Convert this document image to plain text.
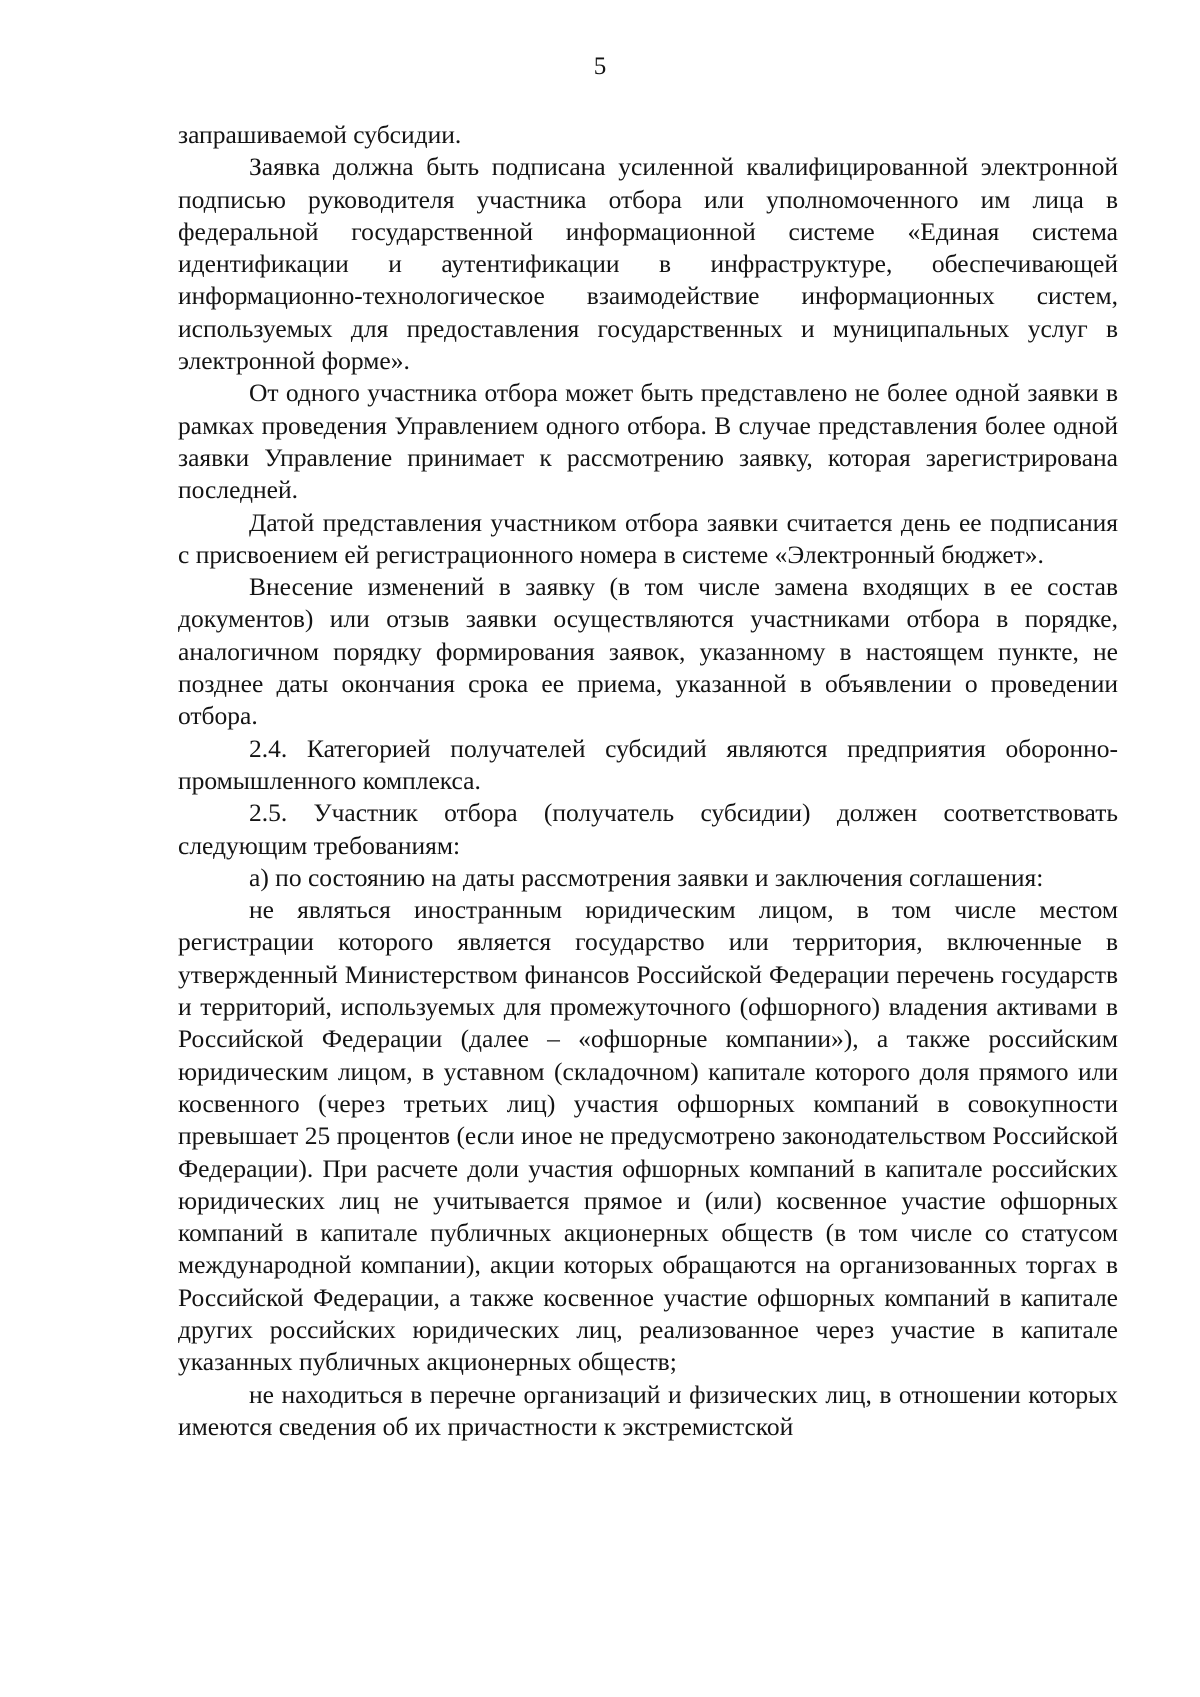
5

запрашиваемой субсидии.

Заявка должна быть подписана усиленной квалифицированной электронной подписью руководителя участника отбора или уполномоченного им лица в федеральной государственной информационной системе «Единая система идентификации и аутентификации в инфраструктуре, обеспечивающей информационно-технологическое взаимодействие информационных систем, используемых для предоставления государственных и муниципальных услуг в электронной форме».

От одного участника отбора может быть представлено не более одной заявки в рамках проведения Управлением одного отбора. В случае представления более одной заявки Управление принимает к рассмотрению заявку, которая зарегистрирована последней.

Датой представления участником отбора заявки считается день ее подписания с присвоением ей регистрационного номера в системе «Электронный бюджет».

Внесение изменений в заявку (в том числе замена входящих в ее состав документов) или отзыв заявки осуществляются участниками отбора в порядке, аналогичном порядку формирования заявок, указанному в настоящем пункте, не позднее даты окончания срока ее приема, указанной в объявлении о проведении отбора.

2.4. Категорией получателей субсидий являются предприятия оборонно-промышленного комплекса.

2.5. Участник отбора (получатель субсидии) должен соответствовать следующим требованиям:

а) по состоянию на даты рассмотрения заявки и заключения соглашения:

не являться иностранным юридическим лицом, в том числе местом регистрации которого является государство или территория, включенные в утвержденный Министерством финансов Российской Федерации перечень государств и территорий, используемых для промежуточного (офшорного) владения активами в Российской Федерации (далее – «офшорные компании»), а также российским юридическим лицом, в уставном (складочном) капитале которого доля прямого или косвенного (через третьих лиц) участия офшорных компаний в совокупности превышает 25 процентов (если иное не предусмотрено законодательством Российской Федерации). При расчете доли участия офшорных компаний в капитале российских юридических лиц не учитывается прямое и (или) косвенное участие офшорных компаний в капитале публичных акционерных обществ (в том числе со статусом международной компании), акции которых обращаются на организованных торгах в Российской Федерации, а также косвенное участие офшорных компаний в капитале других российских юридических лиц, реализованное через участие в капитале указанных публичных акционерных обществ;

не находиться в перечне организаций и физических лиц, в отношении которых имеются сведения об их причастности к экстремистской
